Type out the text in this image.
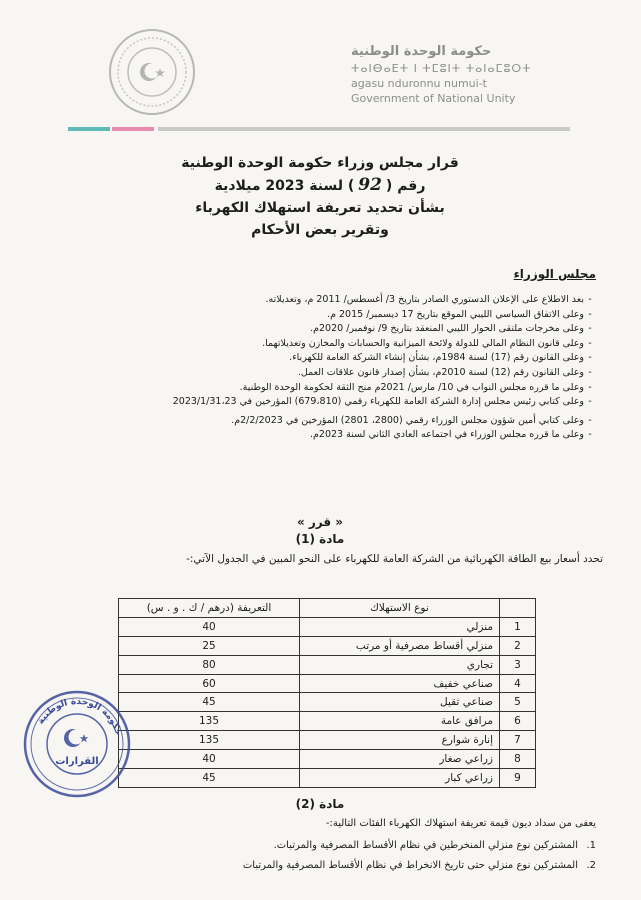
حكومة الوحدة الوطنية
ⵜⴰⵏⴱⴰⴹⵜ ⵏ ⵜⵎⵓⵏⵜ ⵜⴰⵏⴰⵎⵓⵔⵜ
agasu nduronnu numui-t
Government of National Unity
قرار مجلس وزراء حكومة الوحدة الوطنية
رقم (92) لسنة 2023 ميلادية
بشأن تحديد تعريفة استهلاك الكهرباء
وتقرير بعض الأحكام
مجلس الوزراء
-
بعد الاطلاع على الإعلان الدستوري الصادر بتاريخ 3/ أغسطس/ 2011 م، وتعديلاته.
-
وعلى الاتفاق السياسي الليبي الموقع بتاريخ 17 ديسمبر/ 2015 م.
-
وعلى مخرجات ملتقى الحوار الليبي المنعقد بتاريخ 9/ نوفمبر/ 2020م.
-
وعلى قانون النظام المالي للدولة ولائحة الميزانية والحسابات والمخازن وتعديلاتهما.
-
وعلى القانون رقم (17) لسنة 1984م، بشأن إنشاء الشركة العامة للكهرباء.
-
وعلى القانون رقم (12) لسنة 2010م، بشأن إصدار قانون علاقات العمل.
-
وعلى ما قرره مجلس النواب في 10/ مارس/ 2021م منح الثقة لحكومة الوحدة الوطنية.
-
وعلى كتابي رئيس مجلس إدارة الشركة العامة للكهرباء رقمي (679،810) المؤرخين في 2023/1/31،23
-
وعلى كتابي أمين شؤون مجلس الوزراء رقمي (2800، 2801) المؤرخين في 2/2/2023م.
-
وعلى ما قرره مجلس الوزراء في اجتماعه العادي الثاني لسنة 2023م.
« قرر »
مادة (1)
تحدد أسعار بيع الطاقة الكهربائية من الشركة العامة للكهرباء على النحو المبين في الجدول الآتي:-
	نوع الاستهلاك	التعريفة (درهم / ك . و . س)
1	منزلي	40
2	منزلي أقساط مصرفية أو مرتب	25
3	تجاري	80
4	صناعي خفيف	60
5	صناعي ثقيل	45
6	مرافق عامة	135
7	إنارة شوارع	135
8	زراعي صغار	40
9	زراعي كبار	45
مادة (2)
يعفى من سداد ديون قيمة تعريفة استهلاك الكهرباء الفئات التالية:-
1.
المشتركين نوع منزلي المنخرطين في نظام الأقساط المصرفية والمرتبات.
2.
المشتركين نوع منزلي حتى تاريخ الانخراط في نظام الأقساط المصرفية والمرتبات
حكومة الوحدة الوطنية
القرارات
